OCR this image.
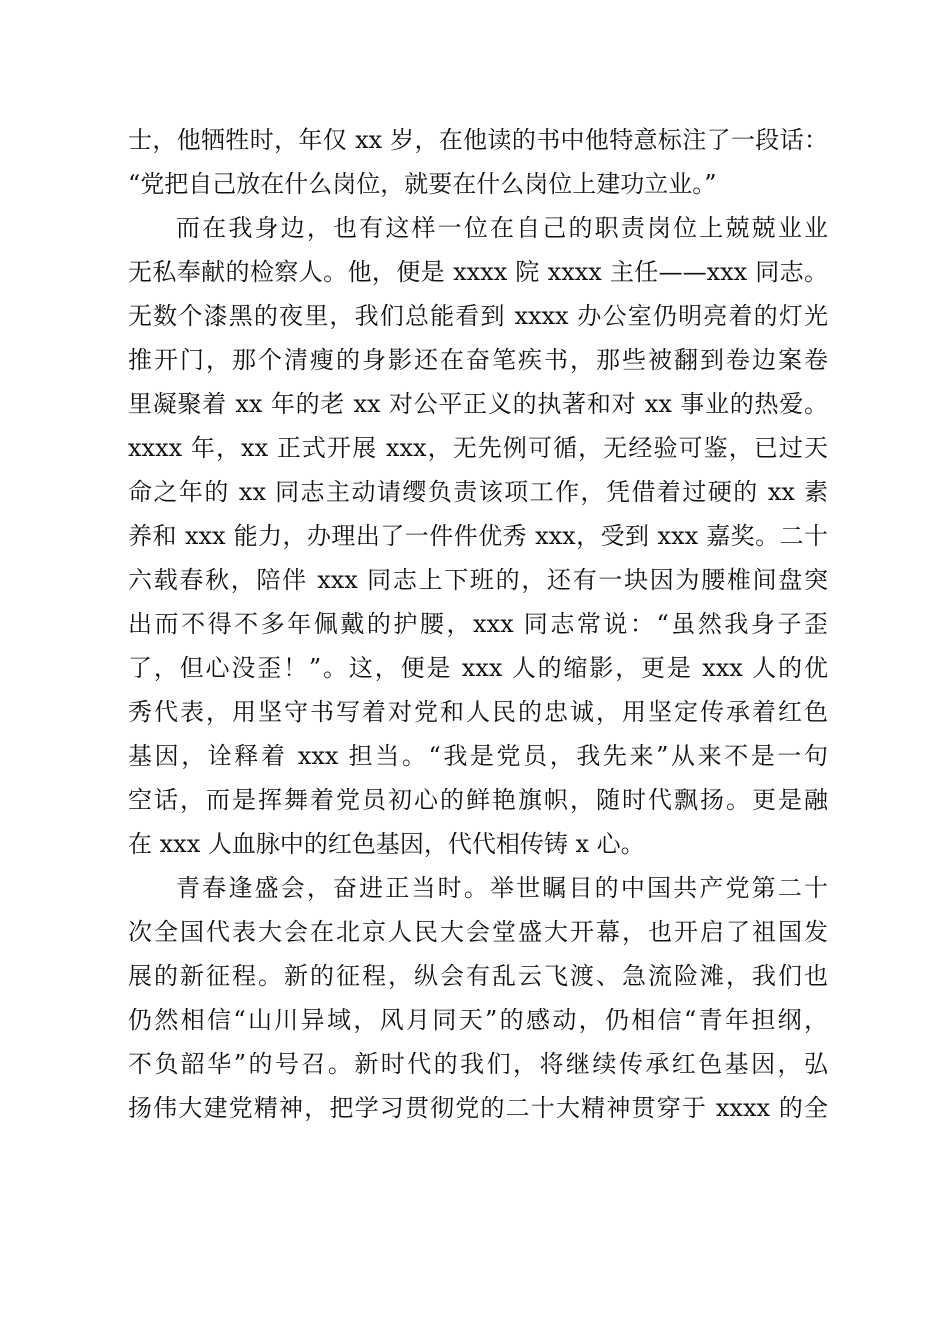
士，他牺牲时，年仅 xx 岁，在他读的书中他特意标注了一段话：
“党把自己放在什么岗位，就要在什么岗位上建功立业。”
而在我身边，也有这样一位在自己的职责岗位上兢兢业业
无私奉献的检察人。他，便是 xxxx 院 xxxx 主任——xxx 同志。
无数个漆黑的夜里，我们总能看到 xxxx 办公室仍明亮着的灯光
推开门，那个清瘦的身影还在奋笔疾书，那些被翻到卷边案卷
里凝聚着 xx 年的老 xx 对公平正义的执著和对 xx 事业的热爱。
xxxx 年，xx 正式开展 xxx，无先例可循，无经验可鉴，已过天
命之年的 xx 同志主动请缨负责该项工作，凭借着过硬的 xx 素
养和 xxx 能力，办理出了一件件优秀 xxx，受到 xxx 嘉奖。二十
六载春秋，陪伴 xxx 同志上下班的，还有一块因为腰椎间盘突
出而不得不多年佩戴的护腰，xxx 同志常说：“虽然我身子歪
了，但心没歪！”。这，便是 xxx 人的缩影，更是 xxx 人的优
秀代表，用坚守书写着对党和人民的忠诚，用坚定传承着红色
基因，诠释着 xxx 担当。“我是党员，我先来”从来不是一句
空话，而是挥舞着党员初心的鲜艳旗帜，随时代飘扬。更是融
在 xxx 人血脉中的红色基因，代代相传铸 x 心。
青春逢盛会，奋进正当时。举世瞩目的中国共产党第二十
次全国代表大会在北京人民大会堂盛大开幕，也开启了祖国发
展的新征程。新的征程，纵会有乱云飞渡、急流险滩，我们也
仍然相信“山川异域，风月同天”的感动，仍相信“青年担纲，
不负韶华”的号召。新时代的我们，将继续传承红色基因，弘
扬伟大建党精神，把学习贯彻党的二十大精神贯穿于 xxxx 的全
